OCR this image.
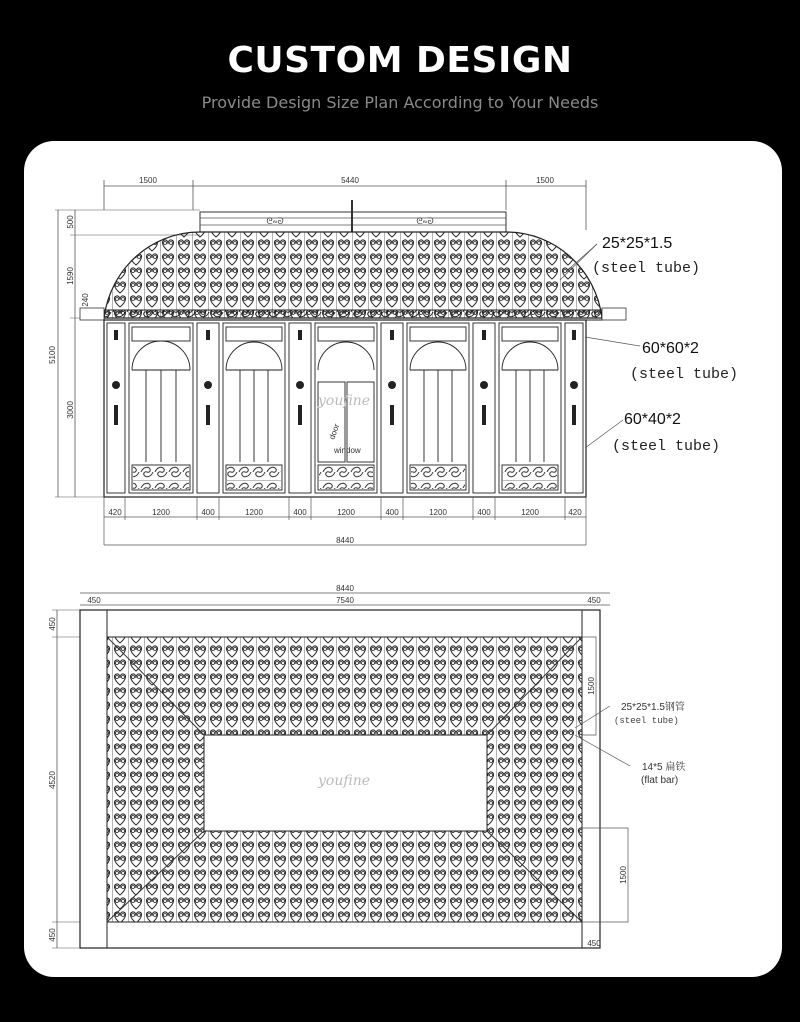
CUSTOM DESIGN
Provide Design Size Plan According to Your Needs
1500	5440	1500
5100
500
1590
240
3000
ᘓ∾ᘐ	ᘓ∾ᘐ
door
window
youfine
420	1200	400	1200	400	1200	400	1200	400	1200	420
8440
25*25*1.5
(steel tube)
60*60*2
(steel tube)
60*40*2
(steel tube)
8440
7540
450	450
450
4520
450
youfine
1500
1500
450
25*25*1.5钢管
(steel tube)
14*5 扁铁
(flat bar)
